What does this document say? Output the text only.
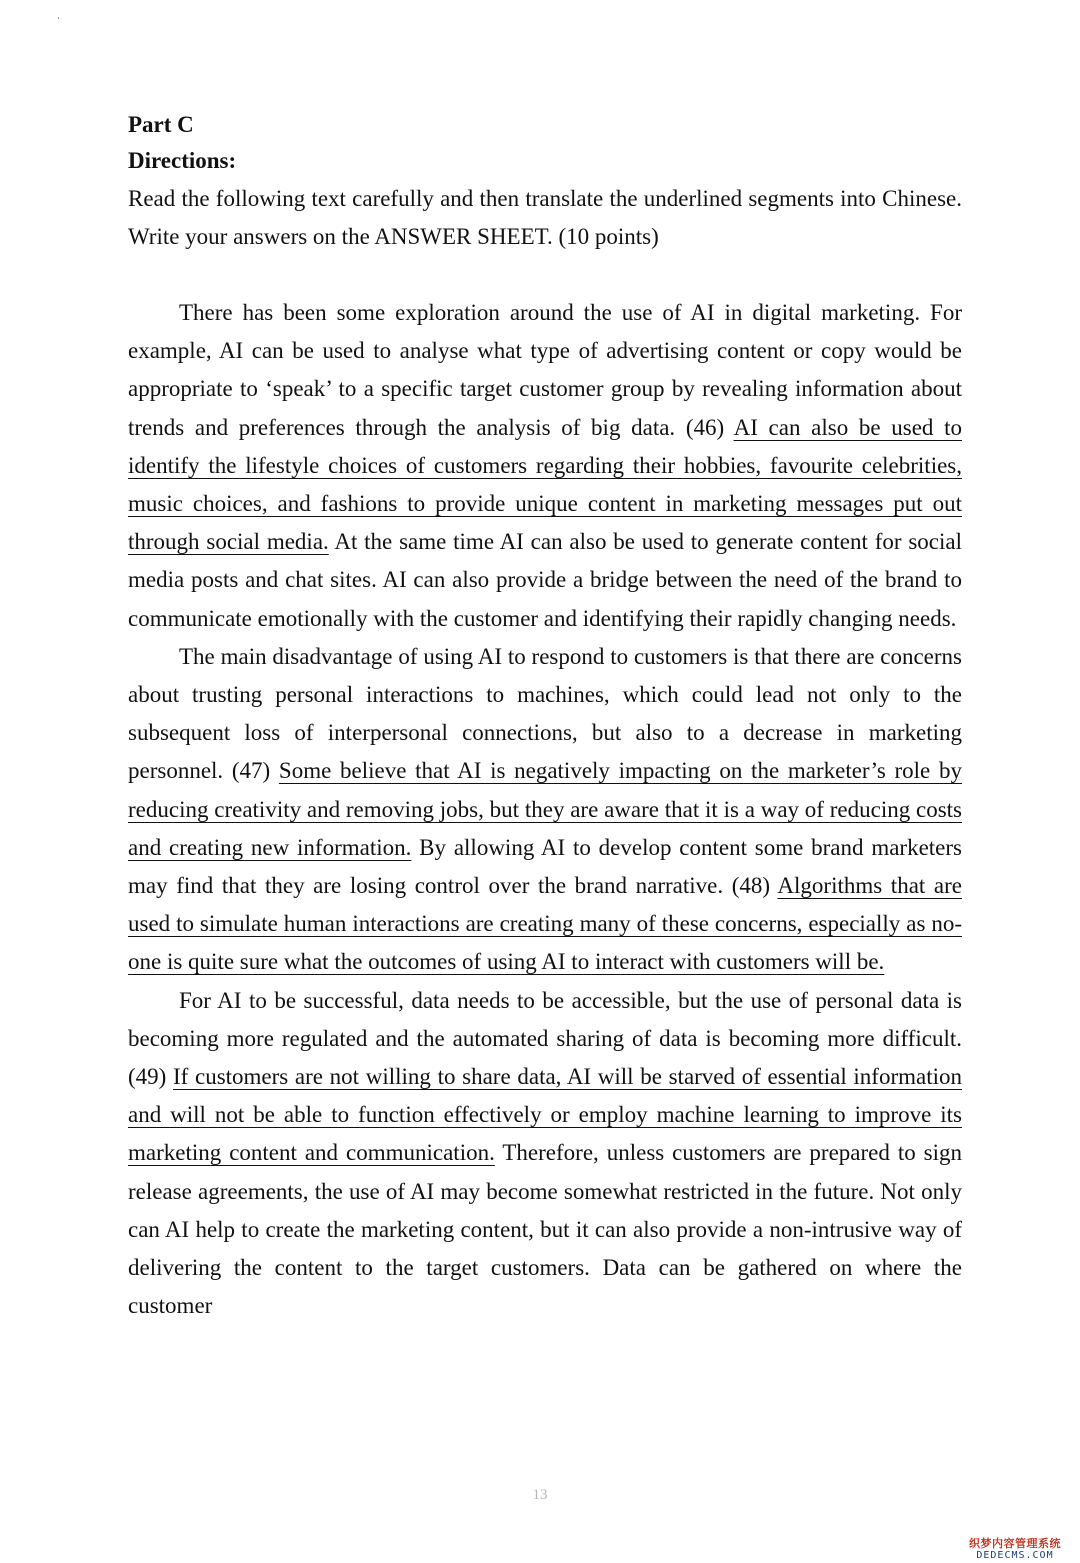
Part C

Directions:

Read the following text carefully and then translate the underlined segments into Chinese. Write your answers on the ANSWER SHEET. (10 points)

There has been some exploration around the use of AI in digital marketing. For example, AI can be used to analyse what type of advertising content or copy would be appropriate to ‘speak’ to a specific target customer group by revealing information about trends and preferences through the analysis of big data. (46) AI can also be used to identify the lifestyle choices of customers regarding their hobbies, favourite celebrities, music choices, and fashions to provide unique content in marketing messages put out through social media. At the same time AI can also be used to generate content for social media posts and chat sites. AI can also provide a bridge between the need of the brand to communicate emotionally with the customer and identifying their rapidly changing needs.

The main disadvantage of using AI to respond to customers is that there are concerns about trusting personal interactions to machines, which could lead not only to the subsequent loss of interpersonal connections, but also to a decrease in marketing personnel. (47) Some believe that AI is negatively impacting on the marketer’s role by reducing creativity and removing jobs, but they are aware that it is a way of reducing costs and creating new information. By allowing AI to develop content some brand marketers may find that they are losing control over the brand narrative. (48) Algorithms that are used to simulate human interactions are creating many of these concerns, especially as no-one is quite sure what the outcomes of using AI to interact with customers will be.

For AI to be successful, data needs to be accessible, but the use of personal data is becoming more regulated and the automated sharing of data is becoming more difficult. (49) If customers are not willing to share data, AI will be starved of essential information and will not be able to function effectively or employ machine learning to improve its marketing content and communication. Therefore, unless customers are prepared to sign release agreements, the use of AI may become somewhat restricted in the future. Not only can AI help to create the marketing content, but it can also provide a non-intrusive way of delivering the content to the target customers. Data can be gathered on where the customer

13
织梦内容管理系统
DEDECMS.COM
